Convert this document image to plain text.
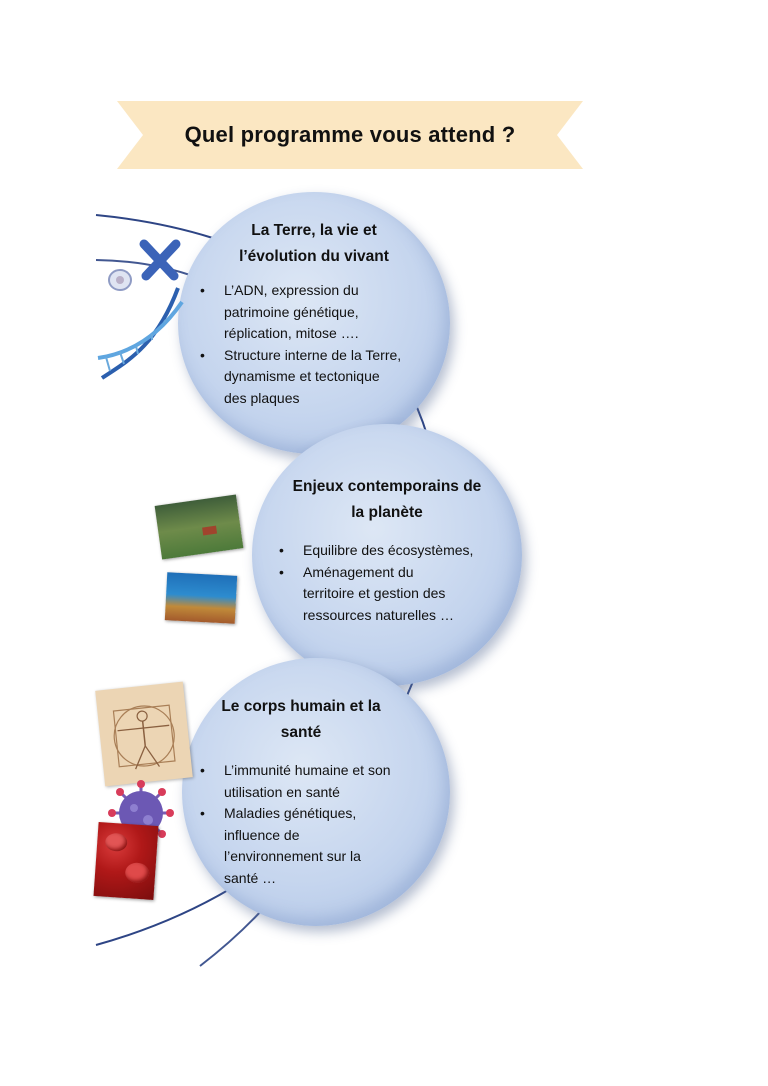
Quel programme vous attend ?
La Terre, la vie et
l’évolution du vivant
• L’ADN, expression du
patrimoine génétique,
réplication, mitose ….
• Structure interne de la Terre,
dynamisme et tectonique
des plaques
Enjeux contemporains de
la planète
• Equilibre des écosystèmes,
• Aménagement du
territoire et gestion des
ressources naturelles …
Le corps humain et la
santé
• L’immunité humaine et son
utilisation en santé
• Maladies génétiques,
influence de
l’environnement sur la
santé …
